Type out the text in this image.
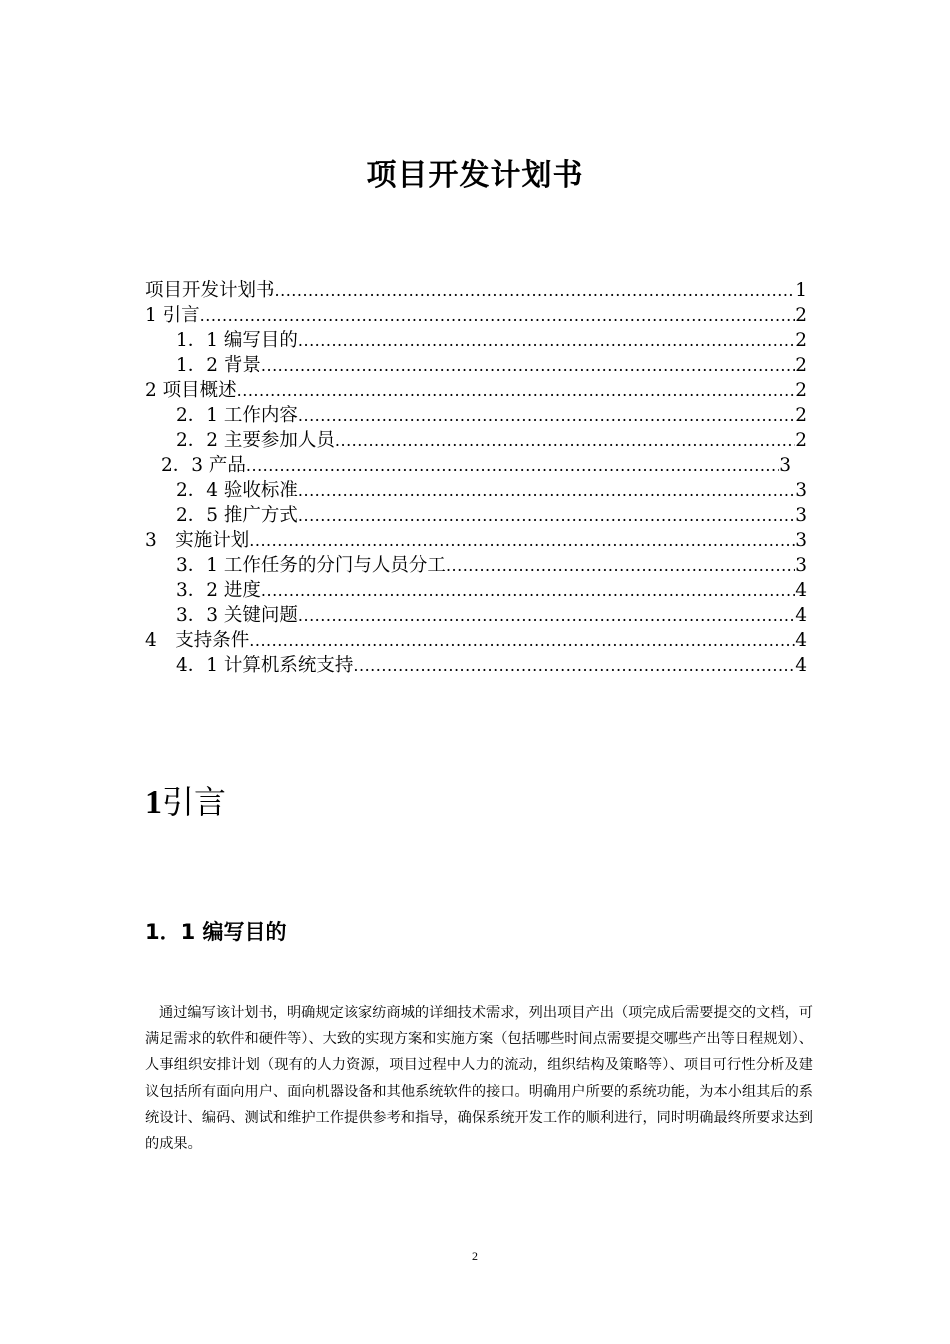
项目开发计划书
项目开发计划书 .....	1
1 引言 .....	2
1．1 编写目的 .....	2
1．2 背景 .....	2
2 项目概述 .....	2
2．1 工作内容 .....	2
2．2 主要参加人员 .....	2
2．3 产品 .....	3
2．4 验收标准 .....	3
2．5 推广方式 .....	3
3　实施计划 .....	3
3．1 工作任务的分门与人员分工 .....	3
3．2 进度 .....	4
3．3 关键问题 .....	4
4　支持条件 .....	4
4．1 计算机系统支持 .....	4
1引言
1．1 编写目的
通过编写该计划书，明确规定该家纺商城的详细技术需求，列出项目产出（项完成后需要提交的文档，可满足需求的软件和硬件等）、大致的实现方案和实施方案（包括哪些时间点需要提交哪些产出等日程规划）、人事组织安排计划（现有的人力资源，项目过程中人力的流动，组织结构及策略等）、项目可行性分析及建议包括所有面向用户、面向机器设备和其他系统软件的接口。明确用户所要的系统功能，为本小组其后的系统设计、编码、测试和维护工作提供参考和指导，确保系统开发工作的顺利进行，同时明确最终所要求达到的成果。
2
